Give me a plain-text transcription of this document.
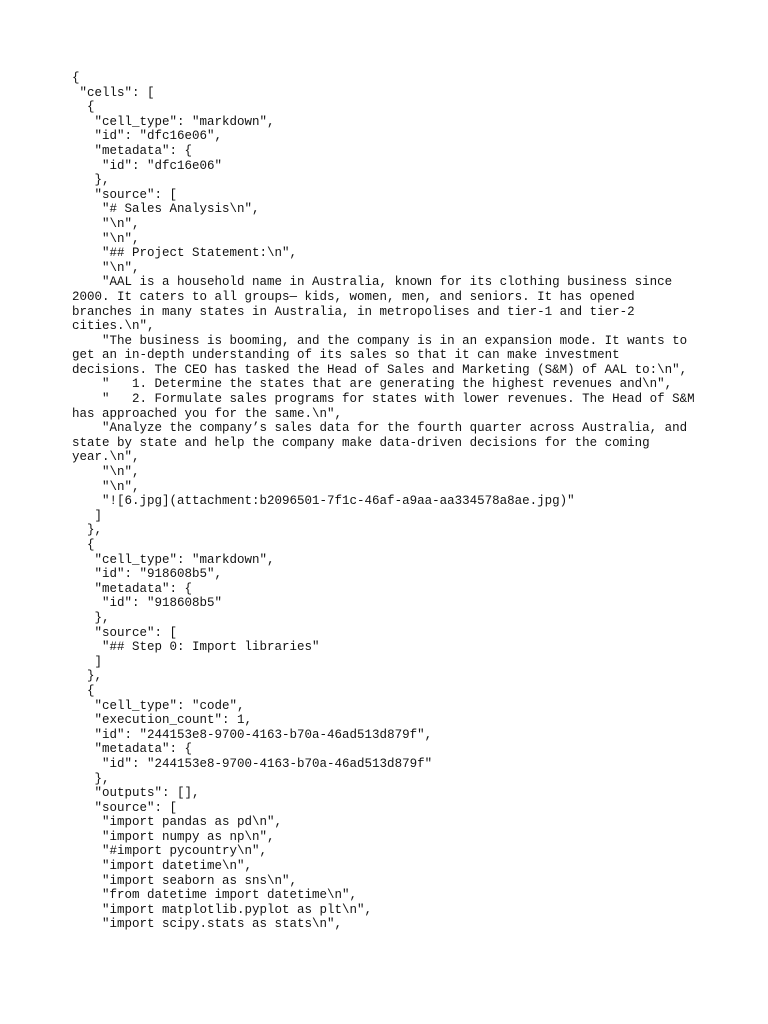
{
"cells": [
{
"cell_type": "markdown",
"id": "dfc16e06",
"metadata": {
"id": "dfc16e06"
},
"source": [
"# Sales Analysis\n",
"\n",
"\n",
"## Project Statement:\n",
"\n",
"AAL is a household name in Australia, known for its clothing business since
2000. It caters to all groups— kids, women, men, and seniors. It has opened
branches in many states in Australia, in metropolises and tier-1 and tier-2
cities.\n",
"The business is booming, and the company is in an expansion mode. It wants to
get an in-depth understanding of its sales so that it can make investment
decisions. The CEO has tasked the Head of Sales and Marketing (S&M) of AAL to:\n",
"   1. Determine the states that are generating the highest revenues and\n",
"   2. Formulate sales programs for states with lower revenues. The Head of S&M
has approached you for the same.\n",
"Analyze the company’s sales data for the fourth quarter across Australia, and
state by state and help the company make data-driven decisions for the coming
year.\n",
"\n",
"\n",
"![6.jpg](attachment:b2096501-7f1c-46af-a9aa-aa334578a8ae.jpg)"
]
},
{
"cell_type": "markdown",
"id": "918608b5",
"metadata": {
"id": "918608b5"
},
"source": [
"## Step 0: Import libraries"
]
},
{
"cell_type": "code",
"execution_count": 1,
"id": "244153e8-9700-4163-b70a-46ad513d879f",
"metadata": {
"id": "244153e8-9700-4163-b70a-46ad513d879f"
},
"outputs": [],
"source": [
"import pandas as pd\n",
"import numpy as np\n",
"#import pycountry\n",
"import datetime\n",
"import seaborn as sns\n",
"from datetime import datetime\n",
"import matplotlib.pyplot as plt\n",
"import scipy.stats as stats\n",
